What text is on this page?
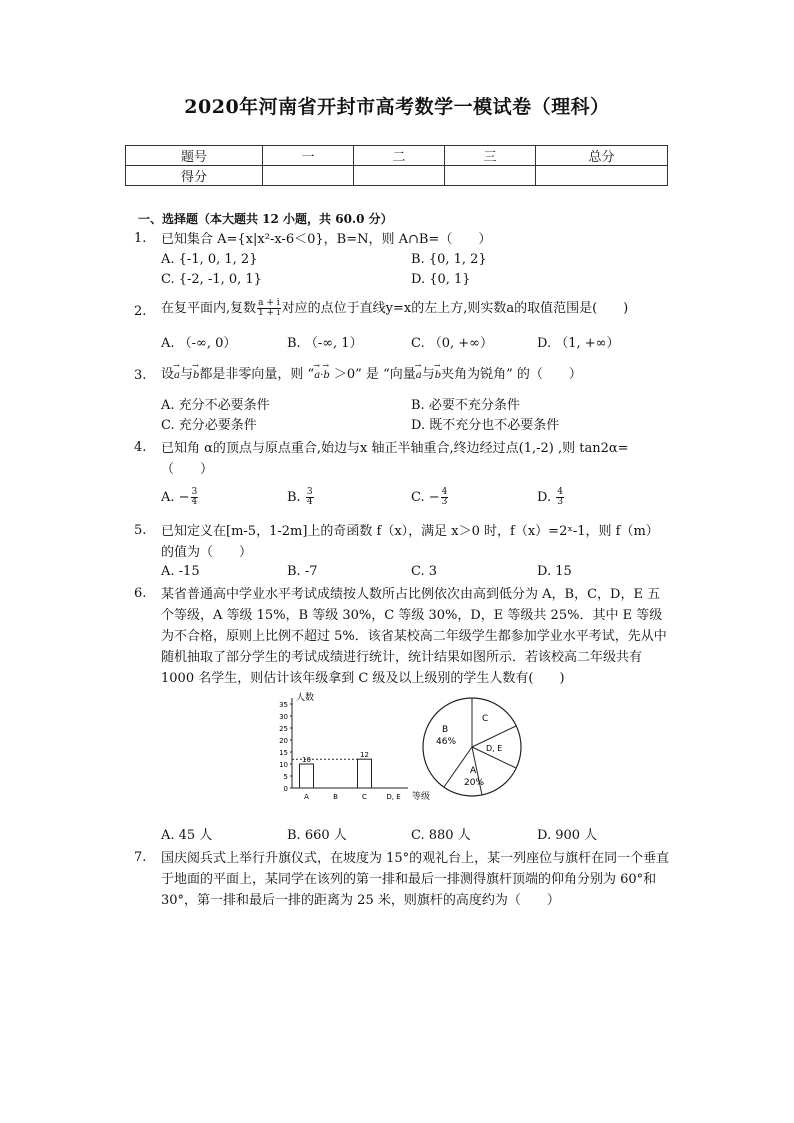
2020年河南省开封市高考数学一模试卷（理科）
题号	一	二	三	总分
得分				
一、选择题（本大题共 12 小题，共 60.0 分）
1. 已知集合 A={x|x²-x-6＜0}，B=N，则 A∩B=（　　）
A. {-1, 0, 1, 2}	B. {0, 1, 2}
C. {-2, -1, 0, 1}	D. {0, 1}
2. 在复平面内,复数 $\frac{a + i}{1 + i}$ 对应的点位于直线y=x的左上方,则实数a的取值范围是(　　)
A. （-∞, 0）	B. （-∞, 1）	C. （0, +∞）	D. （1, +∞）
3. 设→ a与→ b都是非零向量，则 “→ a·→ b ＞0” 是 “向量→ a与→ b夹角为锐角” 的（　　）
A. 充分不必要条件	B. 必要不充分条件
C. 充分必要条件	D. 既不充分也不必要条件
4. 已知角 α的顶点与原点重合,始边与x 轴正半轴重合,终边经过点(1,-2) ,则 tan2α=（　　）
A. − $\frac{3}{4}$	B. $\frac{3}{4}$	C. − $\frac{4}{3}$	D. $\frac{4}{3}$
5. 已知定义在[m-5，1-2m]上的奇函数 f（x），满足 x＞0 时，f（x）=2ˣ-1，则 f（m）的值为（　　）
A. -15	B. -7	C. 3	D. 15
6. 某省普通高中学业水平考试成绩按人数所占比例依次由高到低分为 A，B，C，D，E 五个等级，A 等级 15%，B 等级 30%，C 等级 30%，D，E 等级共 25%．其中 E 等级为不合格，原则上比例不超过 5%．该省某校高二年级学生都参加学业水平考试，先从中随机抽取了部分学生的考试成绩进行统计，统计结果如图所示．若该校高二年级共有 1000 名学生，则估计该年级拿到 C 级及以上级别的学生人数有(　　)
人数
0
5
10
15
20
25
30
35
10
12
A	B	C	D, E 等级
B
46%
C
D, E
A
20%
A. 45 人	B. 660 人	C. 880 人	D. 900 人
7. 国庆阅兵式上举行升旗仪式，在坡度为 15°的观礼台上，某一列座位与旗杆在同一个垂直于地面的平面上，某同学在该列的第一排和最后一排测得旗杆顶端的仰角分别为 60°和 30°，第一排和最后一排的距离为 25 米，则旗杆的高度约为（　　）
